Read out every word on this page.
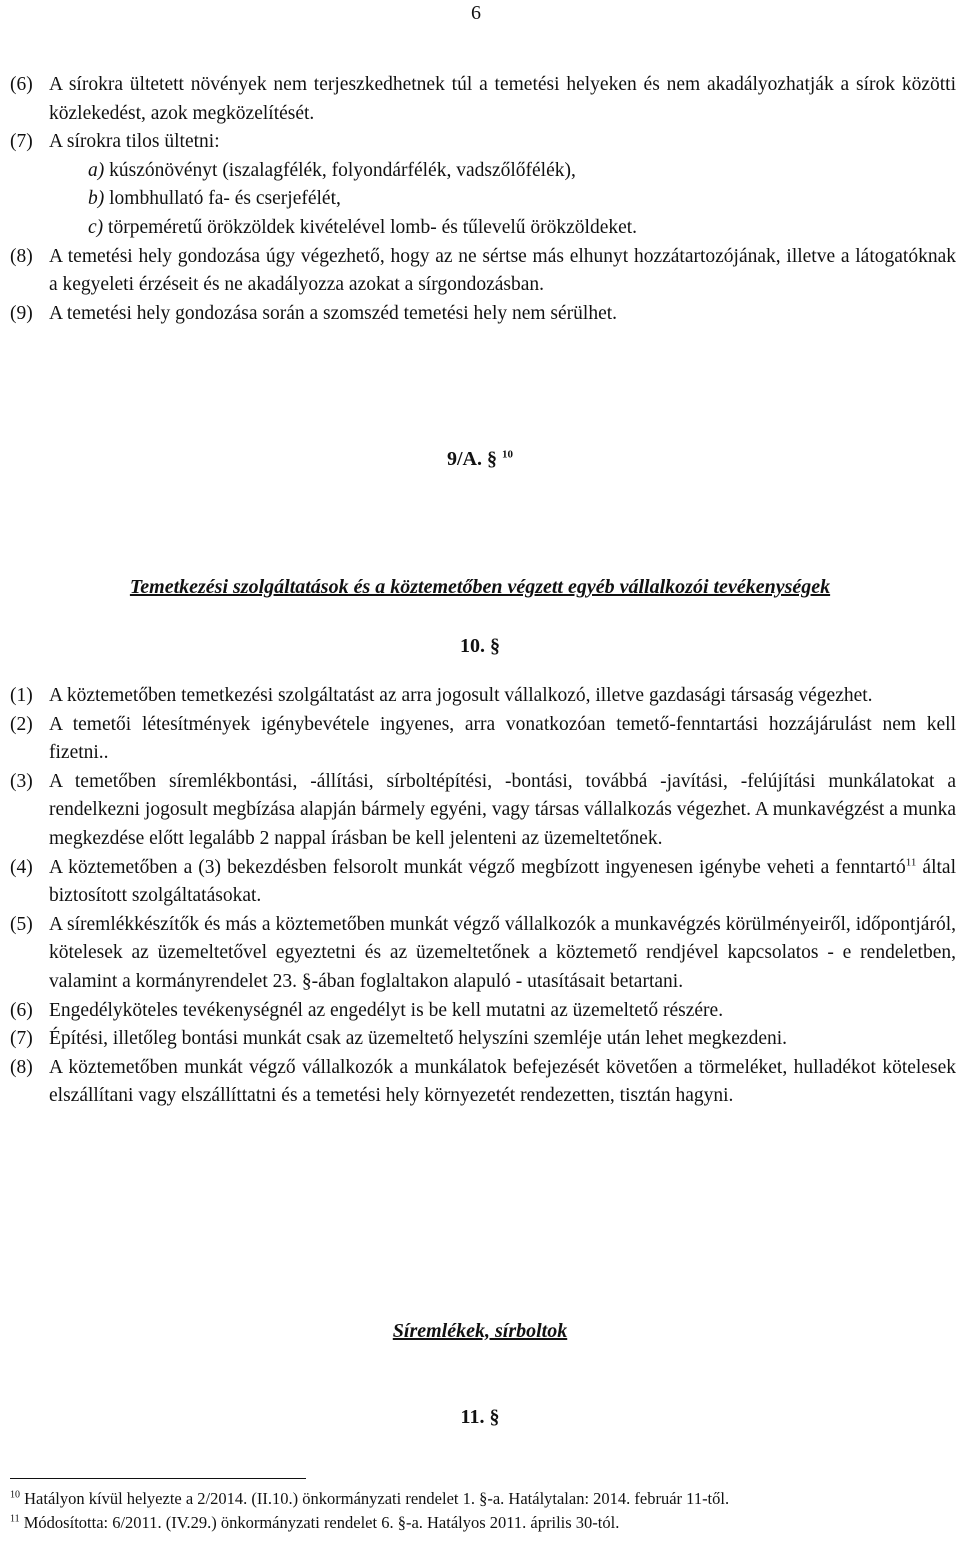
6
(6) A sírokra ültetett növények nem terjeszkedhetnek túl a temetési helyeken és nem akadályozhatják a sírok közötti közlekedést, azok megközelítését.
(7) A sírokra tilos ültetni:
a) kúszónövényt (iszalagfélék, folyondárfélék, vadszőlőfélék),
b) lombhullató fa- és cserjefélét,
c) törpeméretű örökzöldek kivételével lomb- és tűlevelű örökzöldeket.
(8) A temetési hely gondozása úgy végezhető, hogy az ne sértse más elhunyt hozzátartozójának, illetve a látogatóknak a kegyeleti érzéseit és ne akadályozza azokat a sírgondozásban.
(9) A temetési hely gondozása során a szomszéd temetési hely nem sérülhet.
9/A. § $^{10}$
Temetkezési szolgáltatások és a köztemetőben végzett egyéb vállalkozói tevékenységek
10. §
(1) A köztemetőben temetkezési szolgáltatást az arra jogosult vállalkozó, illetve gazdasági társaság végezhet.
(2) A temetői létesítmények igénybevétele ingyenes, arra vonatkozóan temető-fenntartási hozzájárulást nem kell fizetni..
(3) A temetőben síremlékbontási, -állítási, sírboltépítési, -bontási, továbbá -javítási, -felújítási munkálatokat a rendelkezni jogosult megbízása alapján bármely egyéni, vagy társas vállalkozás végezhet. A munkavégzést a munka megkezdése előtt legalább 2 nappal írásban be kell jelenteni az üzemeltetőnek.
(4) A köztemetőben a (3) bekezdésben felsorolt munkát végző megbízott ingyenesen igénybe veheti a fenntartó$^{11}$ által biztosított szolgáltatásokat.
(5) A síremlékkészítők és más a köztemetőben munkát végző vállalkozók a munkavégzés körülményeiről, időpontjáról, kötelesek az üzemeltetővel egyeztetni és az üzemeltetőnek a köztemető rendjével kapcsolatos - e rendeletben, valamint a kormányrendelet 23. §-ában foglaltakon alapuló - utasításait betartani.
(6) Engedélyköteles tevékenységnél az engedélyt is be kell mutatni az üzemeltető részére.
(7) Építési, illetőleg bontási munkát csak az üzemeltető helyszíni szemléje után lehet megkezdeni.
(8) A köztemetőben munkát végző vállalkozók a munkálatok befejezését követően a törmeléket, hulladékot kötelesek elszállítani vagy elszállíttatni és a temetési hely környezetét rendezetten, tisztán hagyni.
Síremlékek, sírboltok
11. §
$^{10}$ Hatályon kívül helyezte a 2/2014. (II.10.) önkormányzati rendelet 1. §-a. Hatálytalan: 2014. február 11-től.
$^{11}$ Módosította: 6/2011. (IV.29.) önkormányzati rendelet 6. §-a. Hatályos 2011. április 30-tól.
